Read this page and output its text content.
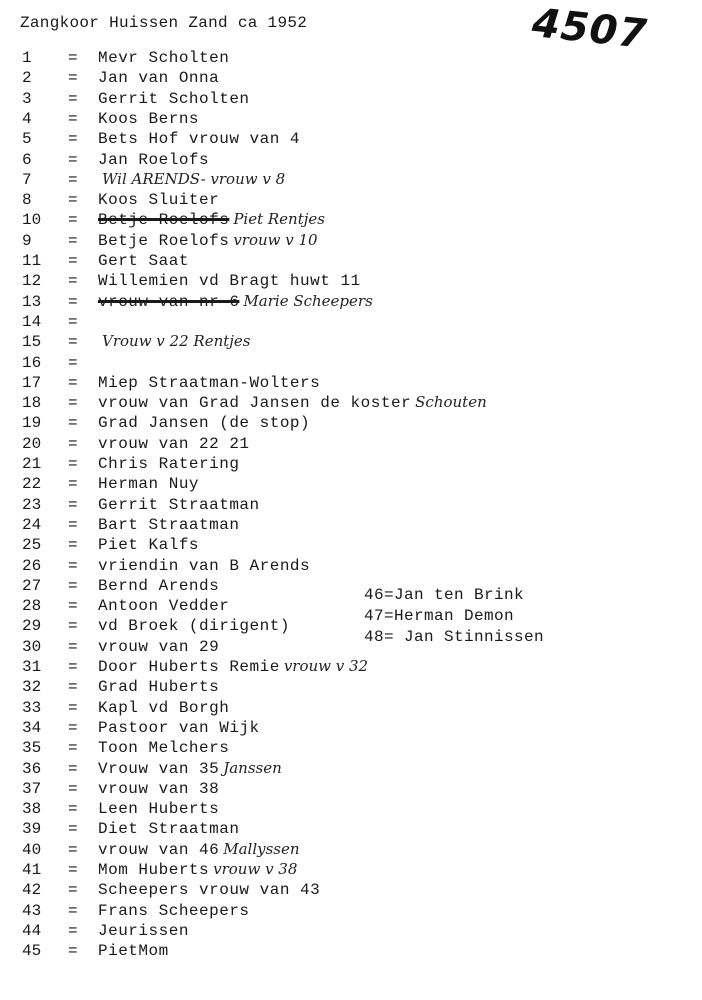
Zangkoor Huissen Zand ca 1952	4507
1 = Mevr Scholten
2 = Jan van Onna
3 = Gerrit Scholten
4 = Koos Berns
5 = Bets Hof vrouw van 4
6 = Jan Roelofs
7 = Wil ARENDS- vrouw v 8
8 = Koos Sluiter
10 = Betje Roelofs Piet Rentjes
9 = Betje Roelofs vrouw v 10
11 = Gert Saat
12 = Willemien vd Bragt huwt 11
13 = vrouw van nr 6 Marie Scheepers
14 =
15 = Vrouw v 22 Rentjes
16 =
17 = Miep Straatman-Wolters
18 = vrouw van Grad Jansen de koster Schouten
19 = Grad Jansen (de stop)
20 = vrouw van 22 21
21 = Chris Ratering
22 = Herman Nuy
23 = Gerrit Straatman
24 = Bart Straatman
25 = Piet Kalfs
26 = vriendin van B Arends
27 = Bernd Arends
28 = Antoon Vedder
29 = vd Broek (dirigent)
30 = vrouw van 29
31 = Door Huberts Remie vrouw v 32
32 = Grad Huberts
33 = Kapl vd Borgh
34 = Pastoor van Wijk
35 = Toon Melchers
36 = Vrouw van 35 Janssen
37 = vrouw van 38
38 = Leen Huberts
39 = Diet Straatman
40 = vrouw van 46 Mallyssen
41 = Mom Huberts vrouw v 38
42 = Scheepers vrouw van 43
43 = Frans Scheepers
44 = Jeurissen
45 = PietMom
46=Jan ten Brink
47=Herman Demon
48= Jan Stinnissen
